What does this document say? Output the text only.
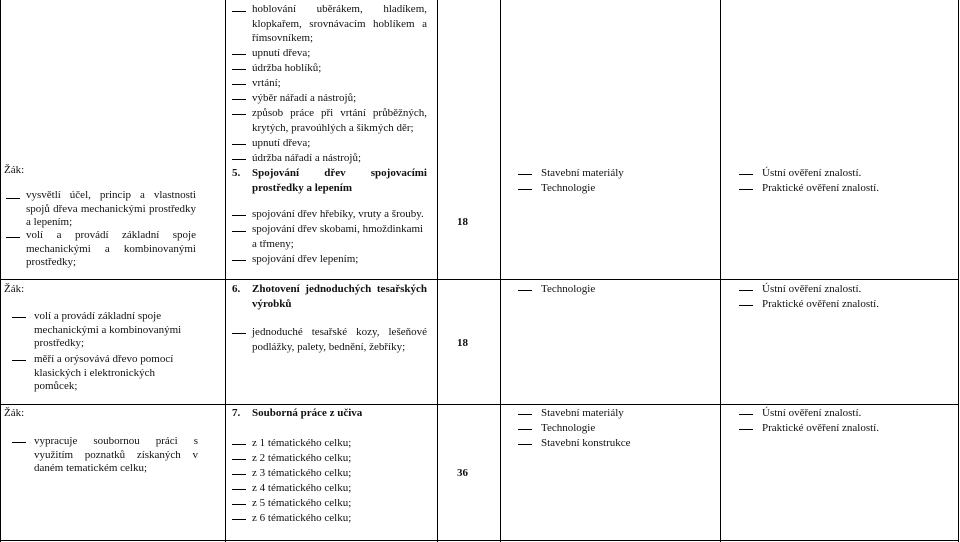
hoblování uběrákem, hladíkem,
klopkařem, srovnávacím hoblíkem a
římsovníkem;
upnutí dřeva;
údržba hoblíků;
vrtání;
výběr nářadí a nástrojů;
způsob práce při vrtání průběžných,
krytých, pravoúhlých a šikmých děr;
upnutí dřeva;
údržba nářadí a nástrojů;
Žák:
vysvětlí účel, princip a vlastnosti spojů dřeva mechanickými prostředky a lepením;
volí a provádí základní spoje mechanickými a kombinovanými prostředky;
5. Spojování dřev spojovacími
prostředky a lepením
spojování dřev hřebíky, vruty a šrouby.
spojování dřev skobami, hmoždinkami a třmeny;
spojování dřev lepením;
18
Stavební materiály
Technologie
Ústní ověření znalostí.
Praktické ověření znalostí.
Žák:
volí a provádí základní spoje mechanickými a kombinovanými prostředky;
měří a orýsovává dřevo pomocí klasických i elektronických pomůcek;
6. Zhotovení jednoduchých tesařských
výrobků
jednoduché tesařské kozy, lešeňové podlážky, palety, bednění, žebříky;	18
Technologie	Ústní ověření znalostí.
Praktické ověření znalostí.
Žák:
vypracuje soubornou práci s využitím poznatků získaných v daném tematickém celku;
7. Souborná práce z učiva
z 1 tématického celku;
z 2 tématického celku;
z 3 tématického celku;
z 4 tématického celku;
z 5 tématického celku;
z 6 tématického celku;
36
Stavební materiály
Technologie
Stavební konstrukce
Ústní ověření znalostí.
Praktické ověření znalostí.
